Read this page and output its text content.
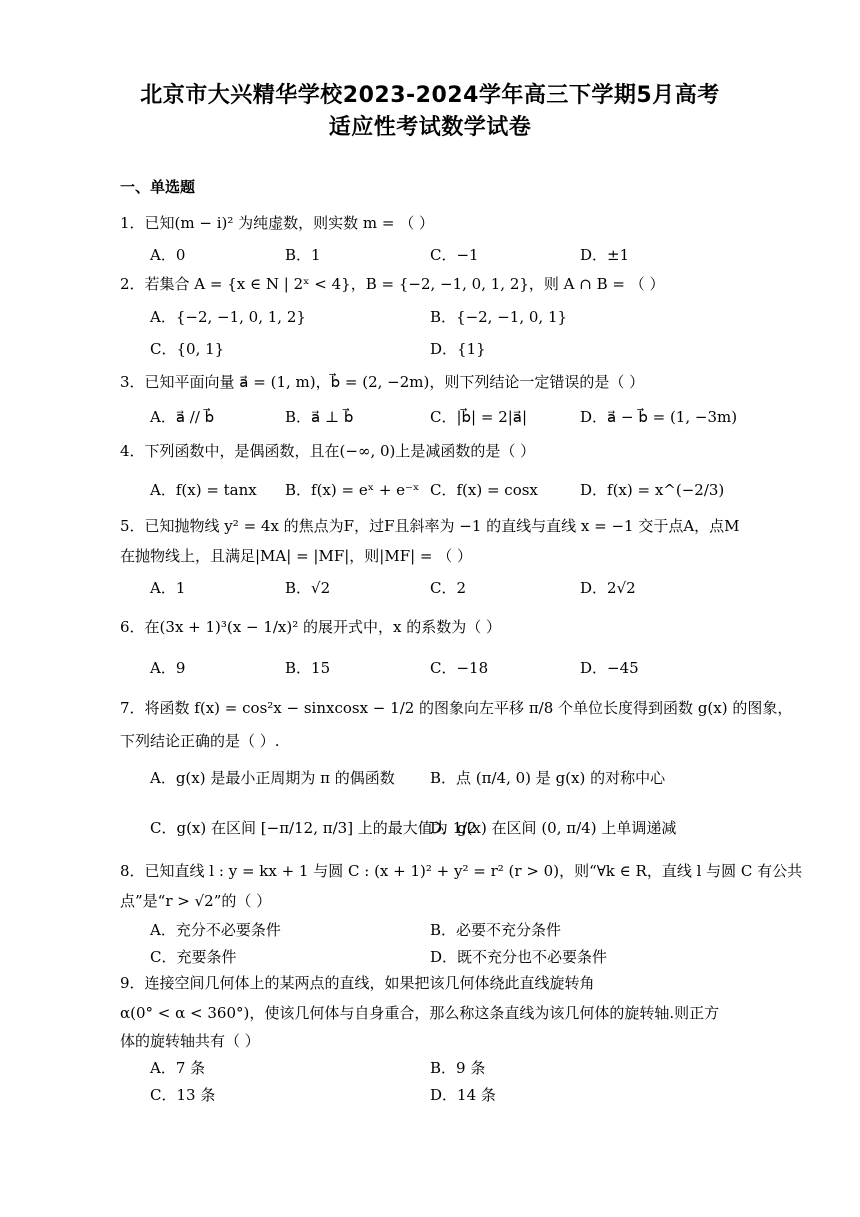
北京市大兴精华学校2023-2024学年高三下学期5月高考
适应性考试数学试卷
一、单选题
1．已知(m − i)² 为纯虚数，则实数 m = （ ）
A．0	B．1	C．−1	D．±1
2．若集合 A = {x ∈ N | 2ˣ < 4}，B = {−2, −1, 0, 1, 2}，则 A ∩ B = （ ）
A．{−2, −1, 0, 1, 2}	B．{−2, −1, 0, 1}
C．{0, 1}	D．{1}
3．已知平面向量 a⃗ = (1, m)，b⃗ = (2, −2m)，则下列结论一定错误的是（ ）
A．a⃗ // b⃗	B．a⃗ ⊥ b⃗	C．|b⃗| = 2|a⃗|	D．a⃗ − b⃗ = (1, −3m)
4．下列函数中，是偶函数，且在(−∞, 0)上是减函数的是（ ）
A．f(x) = tanx B．f(x) = eˣ + e⁻ˣ C．f(x) = cosx	D．f(x) = x^(−2/3)
5．已知抛物线 y² = 4x 的焦点为F，过F且斜率为 −1 的直线与直线 x = −1 交于点A，点M
在抛物线上，且满足|MA| = |MF|，则|MF| = （ ）
A．1	B．√2	C．2	D．2√2
6．在(3x + 1)³(x − 1/x)² 的展开式中，x 的系数为（ ）
A．9	B．15	C．−18	D．−45
7．将函数 f(x) = cos²x − sinxcosx − 1/2 的图象向左平移 π/8 个单位长度得到函数 g(x) 的图象，
下列结论正确的是（ ）.
A．g(x) 是最小正周期为 π 的偶函数 B．点 (π/4, 0) 是 g(x) 的对称中心
C．g(x) 在区间 [−π/12, π/3] 上的最大值为 1/2
D．g(x) 在区间 (0, π/4) 上单调递减
8．已知直线 l : y = kx + 1 与圆 C : (x + 1)² + y² = r² (r > 0)，则“∀k ∈ R，直线 l 与圆 C 有公共
点”是“r > √2”的（ ）
A．充分不必要条件	B．必要不充分条件
C．充要条件	D．既不充分也不必要条件
9．连接空间几何体上的某两点的直线，如果把该几何体绕此直线旋转角
α(0° < α < 360°)，使该几何体与自身重合，那么称这条直线为该几何体的旋转轴.则正方
体的旋转轴共有（ ）
A．7 条	B．9 条
C．13 条	D．14 条
